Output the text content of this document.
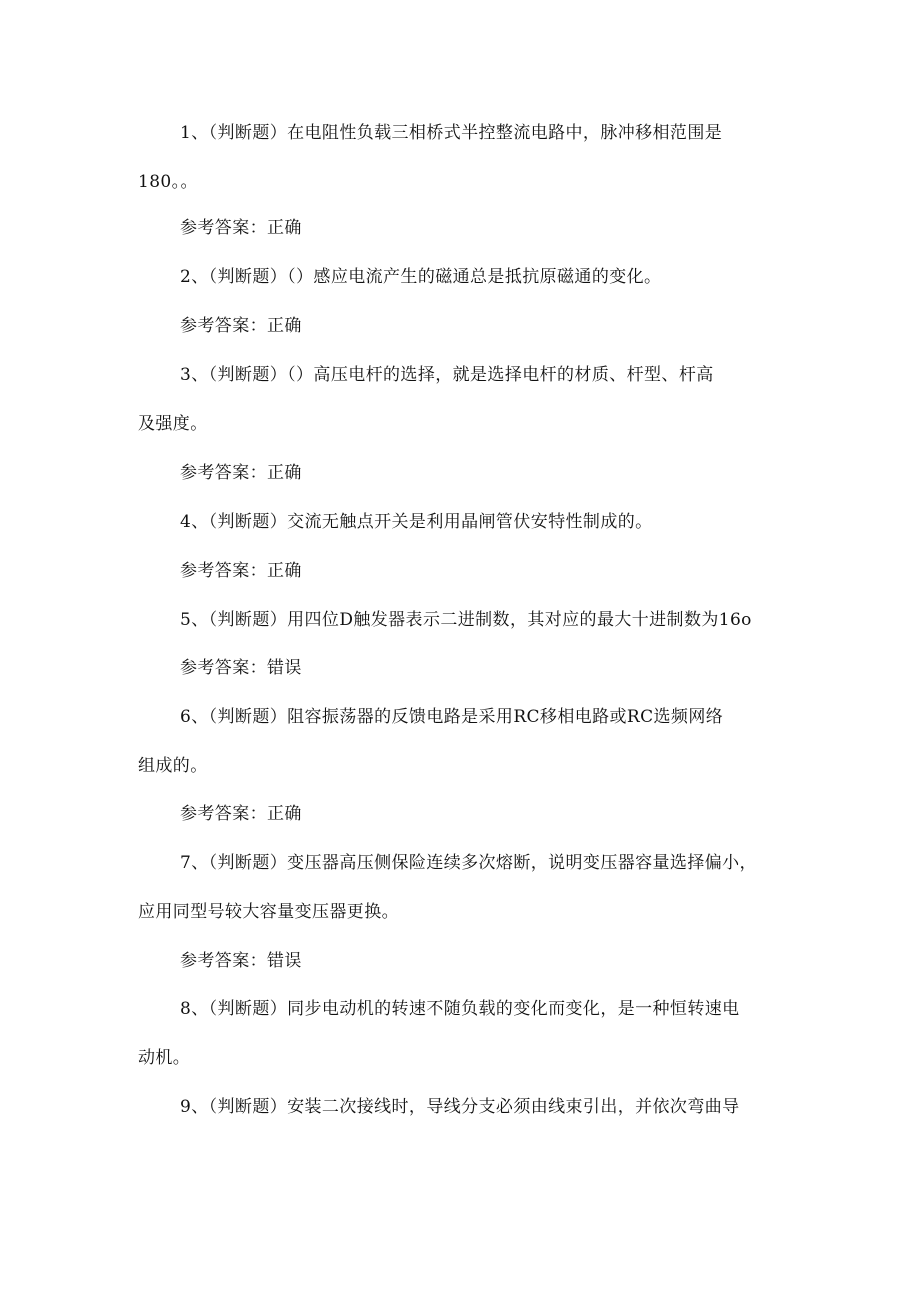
1、（判断题）在电阻性负载三相桥式半控整流电路中，脉冲移相范围是
180。。
参考答案：正确
2、（判断题）（）感应电流产生的磁通总是抵抗原磁通的变化。
参考答案：正确
3、（判断题）（）高压电杆的选择，就是选择电杆的材质、杆型、杆高
及强度。
参考答案：正确
4、（判断题）交流无触点开关是利用晶闸管伏安特性制成的。
参考答案：正确
5、（判断题）用四位D触发器表示二进制数，其对应的最大十进制数为16o
参考答案：错误
6、（判断题）阻容振荡器的反馈电路是采用RC移相电路或RC选频网络
组成的。
参考答案：正确
7、（判断题）变压器高压侧保险连续多次熔断，说明变压器容量选择偏小，
应用同型号较大容量变压器更换。
参考答案：错误
8、（判断题）同步电动机的转速不随负载的变化而变化，是一种恒转速电
动机。
9、（判断题）安装二次接线时，导线分支必须由线束引出，并依次弯曲导
